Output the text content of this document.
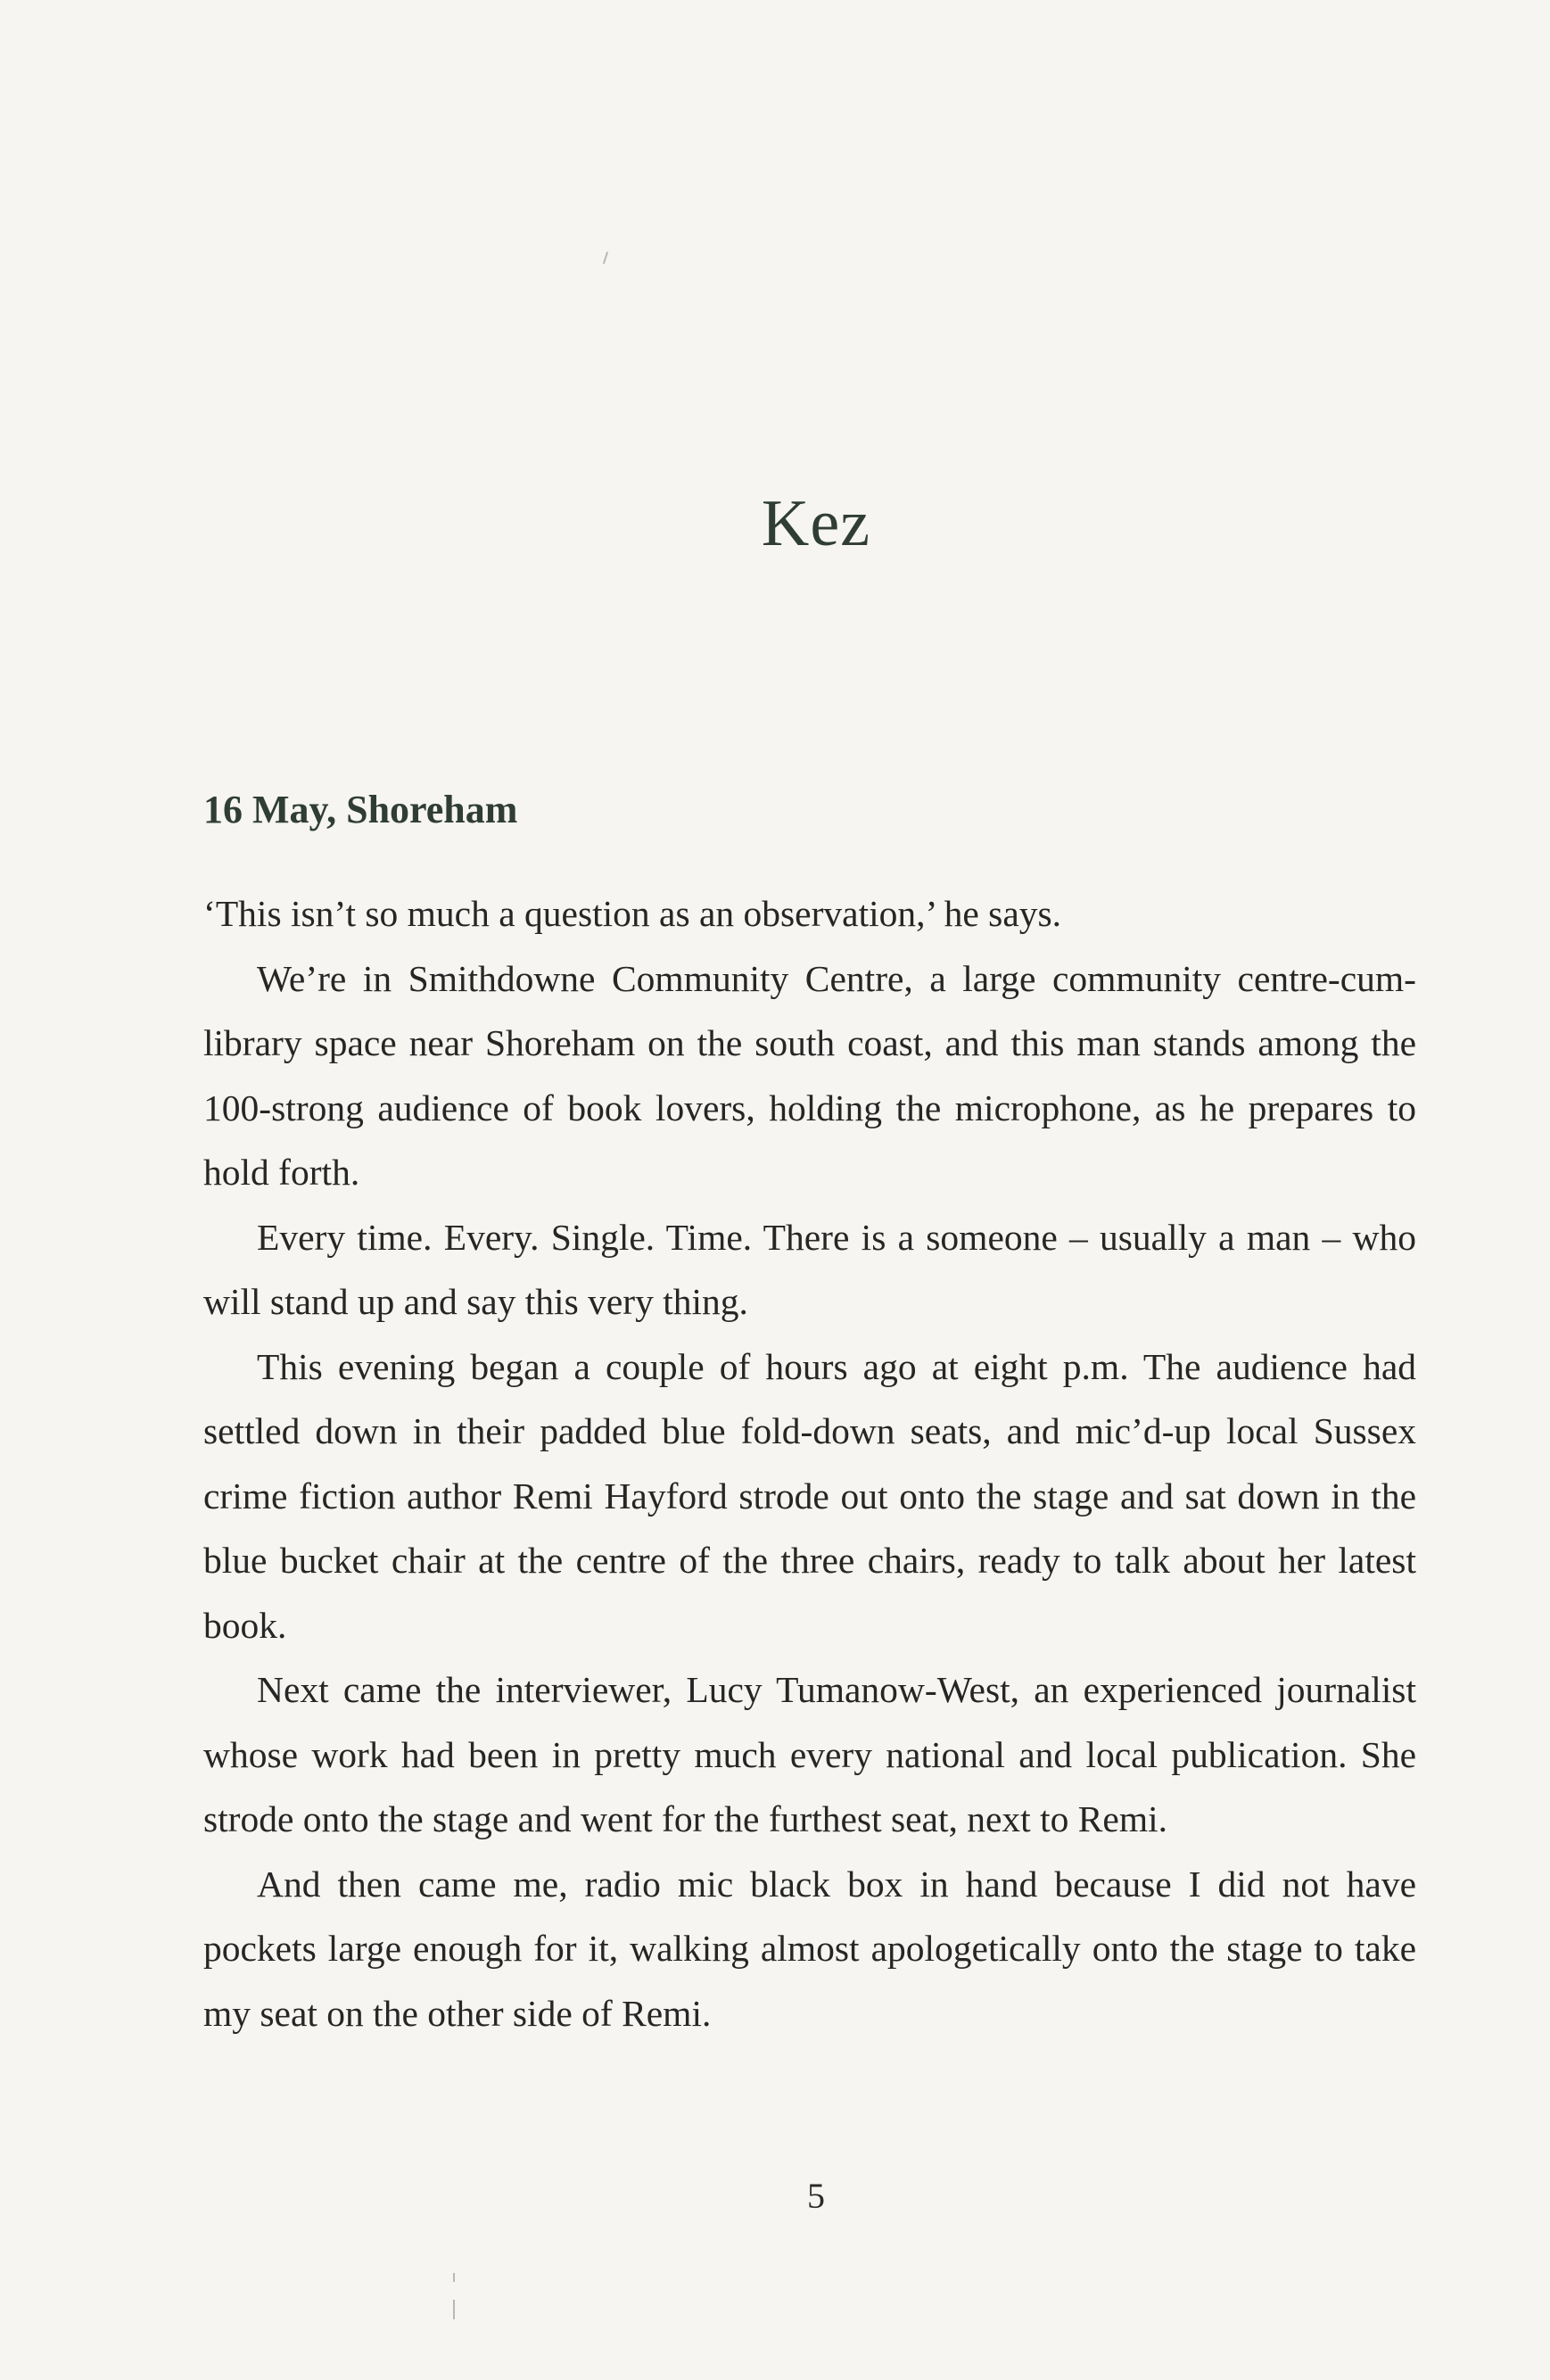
Kez
16 May, Shoreham

‘This isn’t so much a question as an observation,’ he says.

We’re in Smithdowne Community Centre, a large community centre-cum-library space near Shoreham on the south coast, and this man stands among the 100-strong audience of book lovers, holding the microphone, as he prepares to hold forth.

Every time. Every. Single. Time. There is a someone – usually a man – who will stand up and say this very thing.

This evening began a couple of hours ago at eight p.m. The audience had settled down in their padded blue fold-down seats, and mic’d-up local Sussex crime fiction author Remi Hayford strode out onto the stage and sat down in the blue bucket chair at the centre of the three chairs, ready to talk about her latest book.

Next came the interviewer, Lucy Tumanow-West, an experienced journalist whose work had been in pretty much every national and local publication. She strode onto the stage and went for the furthest seat, next to Remi.

And then came me, radio mic black box in hand because I did not have pockets large enough for it, walking almost apologetically onto the stage to take my seat on the other side of Remi.

5
